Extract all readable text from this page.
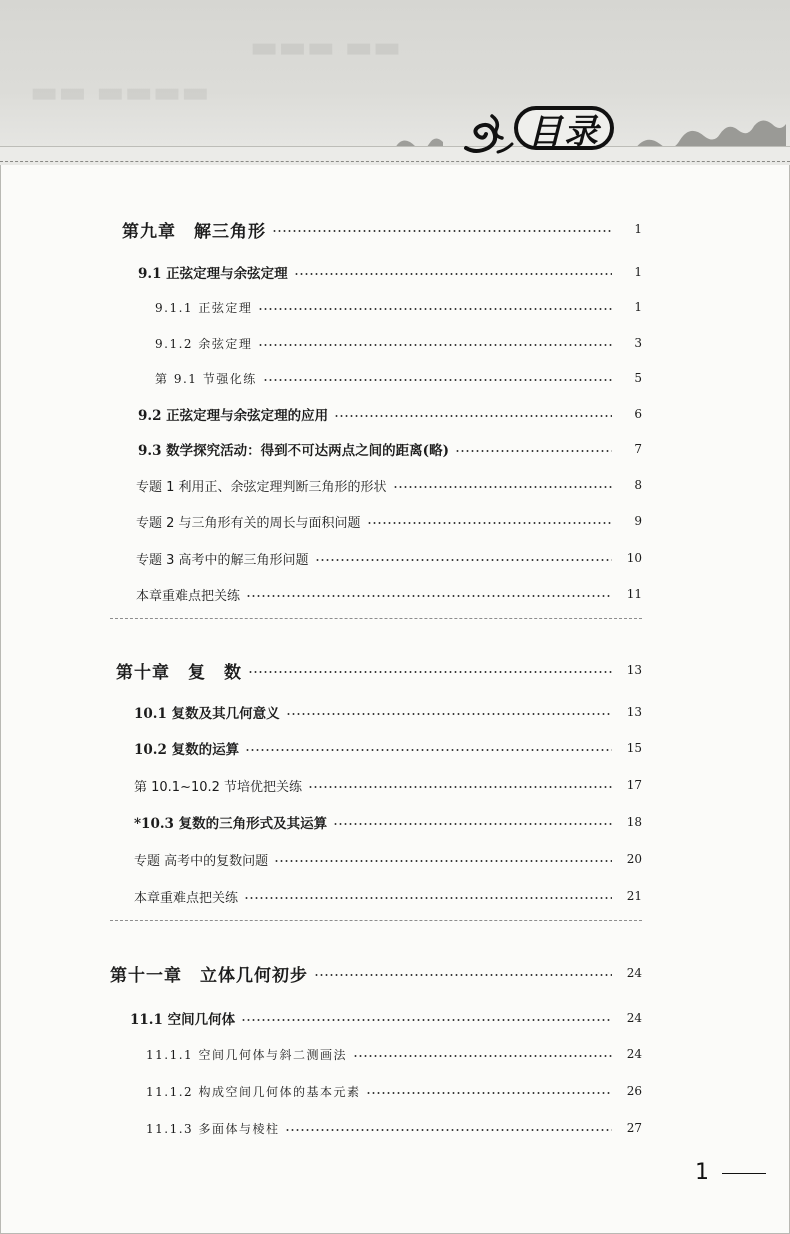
▬▬▬ ▬▬
▬▬ ▬▬▬▬
目录
第九章　解三角形	1
9.1 正弦定理与余弦定理	1
9.1.1 正弦定理	1
9.1.2 余弦定理	3
第 9.1 节强化练	5
9.2 正弦定理与余弦定理的应用	6
9.3 数学探究活动：得到不可达两点之间的距离(略)	7
专题 1 利用正、余弦定理判断三角形的形状	8
专题 2 与三角形有关的周长与面积问题	9
专题 3 高考中的解三角形问题	10
本章重难点把关练	11
第十章　复　数	13
10.1 复数及其几何意义	13
10.2 复数的运算	15
第 10.1~10.2 节培优把关练	17
*10.3 复数的三角形式及其运算	18
专题 高考中的复数问题	20
本章重难点把关练	21
第十一章　立体几何初步	24
11.1 空间几何体	24
11.1.1 空间几何体与斜二测画法	24
11.1.2 构成空间几何体的基本元素	26
11.1.3 多面体与棱柱	27
1
